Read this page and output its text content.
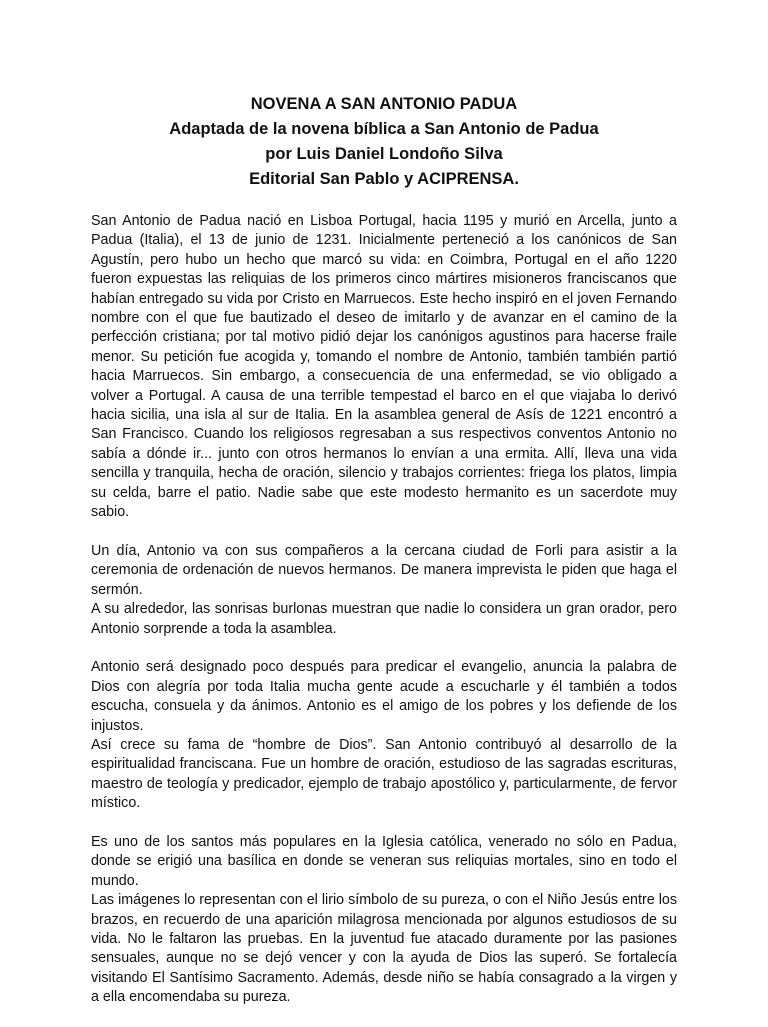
NOVENA A SAN ANTONIO PADUA
Adaptada de la novena bíblica a San Antonio de Padua
por Luis Daniel Londoño Silva
Editorial San Pablo y ACIPRENSA.

San Antonio de Padua nació en Lisboa Portugal, hacia 1195 y murió en Arcella, junto a Padua (Italia), el 13 de junio de 1231. Inicialmente perteneció a los canónicos de San Agustín, pero hubo un hecho que marcó su vida: en Coimbra, Portugal en el año 1220 fueron expuestas las reliquias de los primeros cinco mártires misioneros franciscanos que habían entregado su vida por Cristo en Marruecos. Este hecho inspiró en el joven Fernando nombre con el que fue bautizado el deseo de imitarlo y de avanzar en el camino de la perfección cristiana; por tal motivo pidió dejar los canónigos agustinos para hacerse fraile menor. Su petición fue acogida y, tomando el nombre de Antonio, también también partió hacia Marruecos. Sin embargo, a consecuencia de una enfermedad, se vio obligado a volver a Portugal. A causa de una terrible tempestad el barco en el que viajaba lo derivó hacia sicilia, una isla al sur de Italia. En la asamblea general de Asís de 1221 encontró a San Francisco. Cuando los religiosos regresaban a sus respectivos conventos Antonio no sabía a dónde ir... junto con otros hermanos lo envían a una ermita. Allí, lleva una vida sencilla y tranquila, hecha de oración, silencio y trabajos corrientes: friega los platos, limpia su celda, barre el patio. Nadie sabe que este modesto hermanito es un sacerdote muy sabio.

Un día, Antonio va con sus compañeros a la cercana ciudad de Forli para asistir a la ceremonia de ordenación de nuevos hermanos. De manera imprevista le piden que haga el sermón.

A su alrededor, las sonrisas burlonas muestran que nadie lo considera un gran orador, pero Antonio sorprende a toda la asamblea.

Antonio será designado poco después para predicar el evangelio, anuncia la palabra de Dios con alegría por toda Italia mucha gente acude a escucharle y él también a todos escucha, consuela y da ánimos. Antonio es el amigo de los pobres y los defiende de los injustos.

Así crece su fama de “hombre de Dios”. San Antonio contribuyó al desarrollo de la espiritualidad franciscana. Fue un hombre de oración, estudioso de las sagradas escrituras, maestro de teología y predicador, ejemplo de trabajo apostólico y, particularmente, de fervor místico.

Es uno de los santos más populares en la Iglesia católica, venerado no sólo en Padua, donde se erigió una basílica en donde se veneran sus reliquias mortales, sino en todo el mundo.

Las imágenes lo representan con el lirio símbolo de su pureza, o con el Niño Jesús entre los brazos, en recuerdo de una aparición milagrosa mencionada por algunos estudiosos de su vida. No le faltaron las pruebas. En la juventud fue atacado duramente por las pasiones sensuales, aunque no se dejó vencer y con la ayuda de Dios las superó. Se fortalecía visitando El Santísimo Sacramento. Además, desde niño se había consagrado a la virgen y a ella encomendaba su pureza.
